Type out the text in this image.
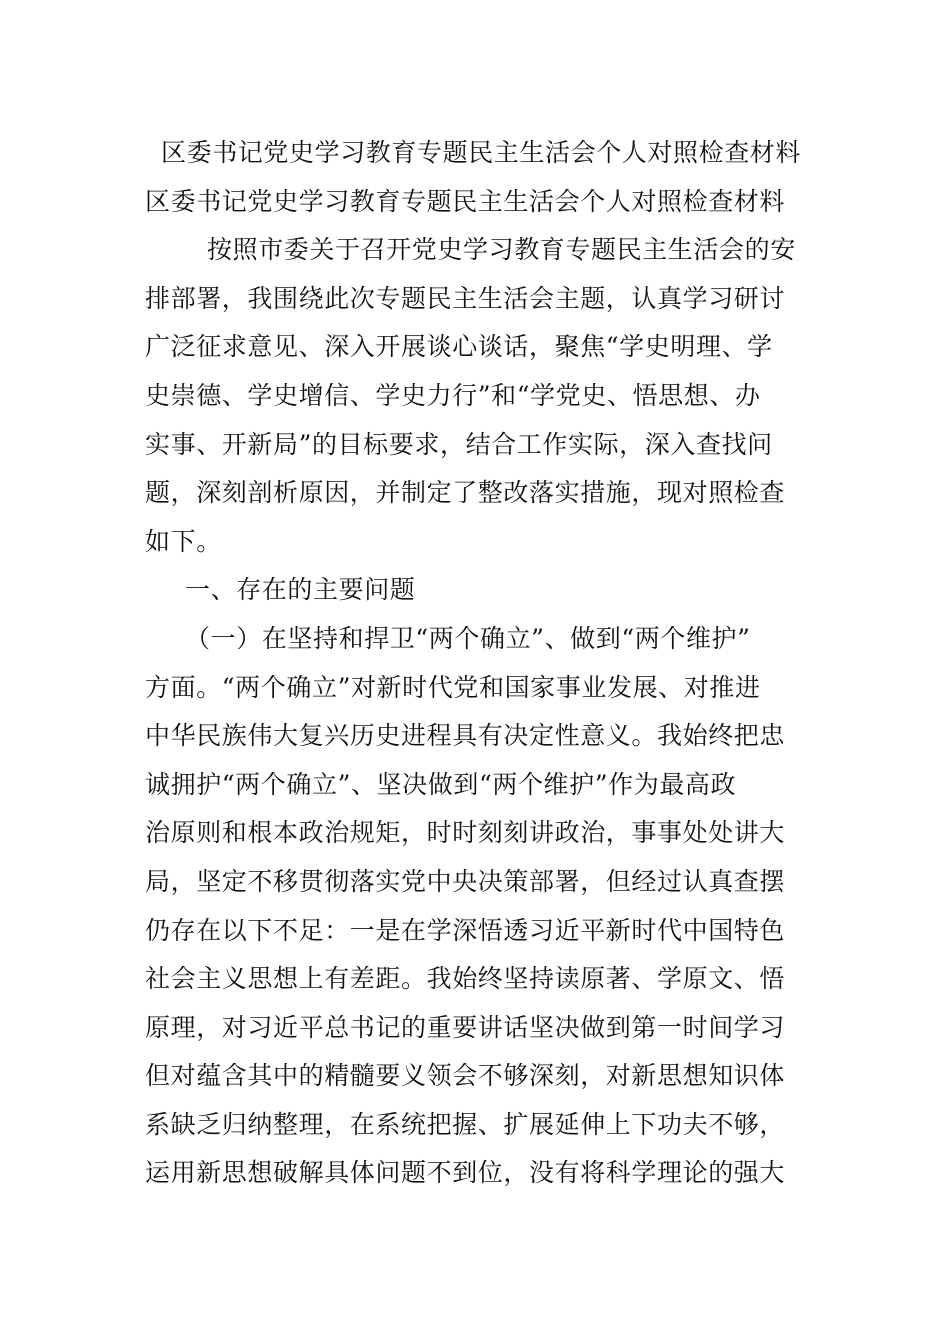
区委书记党史学习教育专题民主生活会个人对照检查材料

区委书记党史学习教育专题民主生活会个人对照检查材料

按照市委关于召开党史学习教育专题民主生活会的安

排部署，我围绕此次专题民主生活会主题，认真学习研讨

广泛征求意见、深入开展谈心谈话，聚焦“学史明理、学

史崇德、学史增信、学史力行”和“学党史、悟思想、办

实事、开新局”的目标要求，结合工作实际，深入查找问

题，深刻剖析原因，并制定了整改落实措施，现对照检查

如下。

一、存在的主要问题

（一）在坚持和捍卫“两个确立”、做到“两个维护”

方面。“两个确立”对新时代党和国家事业发展、对推进

中华民族伟大复兴历史进程具有决定性意义。我始终把忠

诚拥护“两个确立”、坚决做到“两个维护”作为最高政

治原则和根本政治规矩，时时刻刻讲政治，事事处处讲大

局，坚定不移贯彻落实党中央决策部署，但经过认真查摆

仍存在以下不足：一是在学深悟透习近平新时代中国特色

社会主义思想上有差距。我始终坚持读原著、学原文、悟

原理，对习近平总书记的重要讲话坚决做到第一时间学习

但对蕴含其中的精髓要义领会不够深刻，对新思想知识体

系缺乏归纳整理，在系统把握、扩展延伸上下功夫不够，

运用新思想破解具体问题不到位，没有将科学理论的强大
